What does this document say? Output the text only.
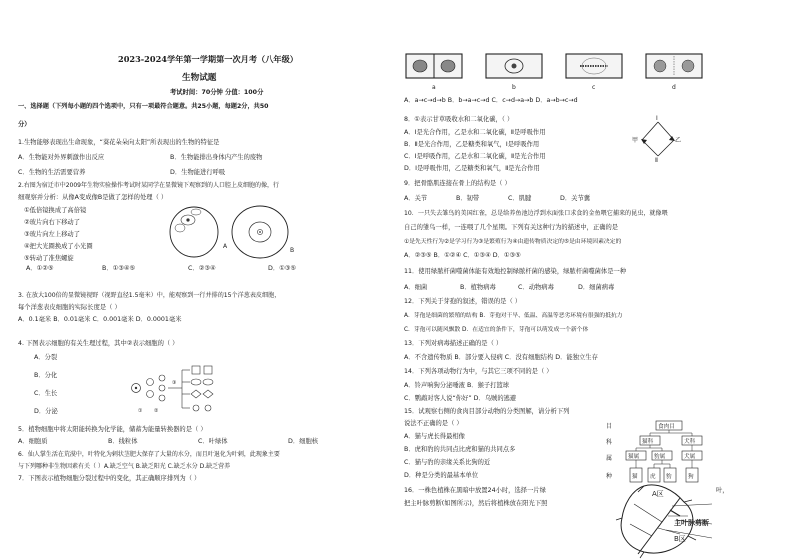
2023-2024学年第一学期第一次月考（八年级）
生物试题
考试时间：70分钟 分值：100分
一、选择题（下列每小题的四个选项中，只有一项最符合题意。共25小题，每题2分，共50
分）
1.生物能够表现出生命现象，“葵花朵朵向太阳”所表现出的生物的特征是
A．生物能对外界刺激作出反应	B．生物能排出身体内产生的废物
C．生物的生活需要营养	D．生物能进行呼吸
2.右图为宿迁市中2009年生物实验操作考试时某同学在显微镜下观察到的人口腔上皮细胞的像，行
细观察并分析：从像A变成像B是做了怎样的处理（ ）
①低倍镜换成了高倍镜
②玻片向右下移动了
③玻片向左上移动了
④把大光圈换成了小光圈
⑤转动了准焦螺旋
A．①②⑤	B．①③④⑤	C．②③④	D．①③⑤
A
B
3. 在放大100倍的显微镜视野（视野直径1.5毫米）中，能观察到一行并排的15个洋葱表皮细胞，
每个洋葱表皮细胞的实际长度是（ ）
A．0.1毫米 B．0.01毫米 C．0.001毫米 D．0.0001毫米
4. 下图表示细胞的有关生理过程，其中②表示细胞的（ ）
A．分裂
B．分化
C．生长
D．分泌	① ②
③
5．植物细胞中将太阳能转换为化学能，储蓄为能量转换器的是（ ）
A．细胞质	B．线粒体	C．叶绿体	D．细胞核
6．仙人掌生活在荒漠中，叶特化为刺状茎肥大保存了大量的水分，而且叶退化为叶刺，此现象主要
与下列哪种非生物因素有关（ ）A.缺乏空气 B.缺乏阳光 C.缺乏水分 D.缺乏营养
7．下图表示植物细胞分裂过程中的变化，其正确顺序排列为（ ）
a	b	c	d
A．a→c→d→b B．b→a→c→d C．c→d→a→b D．a→b→c→d
8．①表示甘草吸收水和二氧化碳，（ ）
A．Ⅰ是光合作用，乙是水和二氧化碳，Ⅱ是呼吸作用
B．Ⅱ是光合作用，乙是糖类和氧气，Ⅰ是呼吸作用
C．Ⅰ是呼吸作用，乙是水和二氧化碳，Ⅱ是光合作用
D．Ⅰ是呼吸作用，乙是糖类和氧气，Ⅱ是光合作用
Ⅰ
甲	乙
Ⅱ
9．把骨骼肌连接在骨上的结构是（ ）
A．关节	B．韧带	C．肌腱	D．关节囊
10．一只失去雏鸟的美国红雀，总是给养鱼池边浮到水面张口求食的金鱼喂它捕来的昆虫，就像喂
自己的雏鸟一样，一连喂了几个星期。下列有关这种行为的描述中，正确的是
①是先天性行为②是学习行为③是繁殖行为④由遗传物质决定的⑤是由环境因素决定的
A．②③⑤ B．①②④ C．①③④ D．①③⑤
11．使用绿脓杆菌噬菌体能有效地控制绿脓杆菌的感染，绿脓杆菌噬菌体是一种
A．细菌	B．植物病毒	C．动物病毒	D．细菌病毒
12．下列关于芽孢的叙述，错误的是（ ）
A．芽孢是细菌的繁殖的结构 B．芽孢对干旱、低温、高温等恶劣环境有很强的抵抗力
C．芽孢可以随风飘散 D．在适宜的条件下，芽孢可以萌发成一个新个体
13．下列对病毒描述正确的是（ ）
A．不含遗传物质 B．部分要入侵病 C．没有细胞结构 D．能独立生存
14．下列各项动物行为中，与其它三项不同的是（ ）
A．铃声响狗分泌唾液 B．猴子打篮球
C．鹦鹉对客人说“你好” D．乌贼的逃避
15．试观察右侧的食肉目部分动物的分类图解，请分析下列
说法不正确的是（ ）
A．猫与虎长得最相像
B．虎和豹的共同点比虎和猫的共同点多
C．猫与豹的亲缘关系比狗的近
D．种是分类的最基本单位
目
科
属
种
食肉目
猫科	犬科
猫属	豹属	犬属
猫 虎 豹	狗
16．一株色植株在黑暗中放置24小时，选择一片绿	叶，
把主叶脉剪断(如图所示)，然后将植株放在阳光下照
A区
主叶脉剪断
B区
